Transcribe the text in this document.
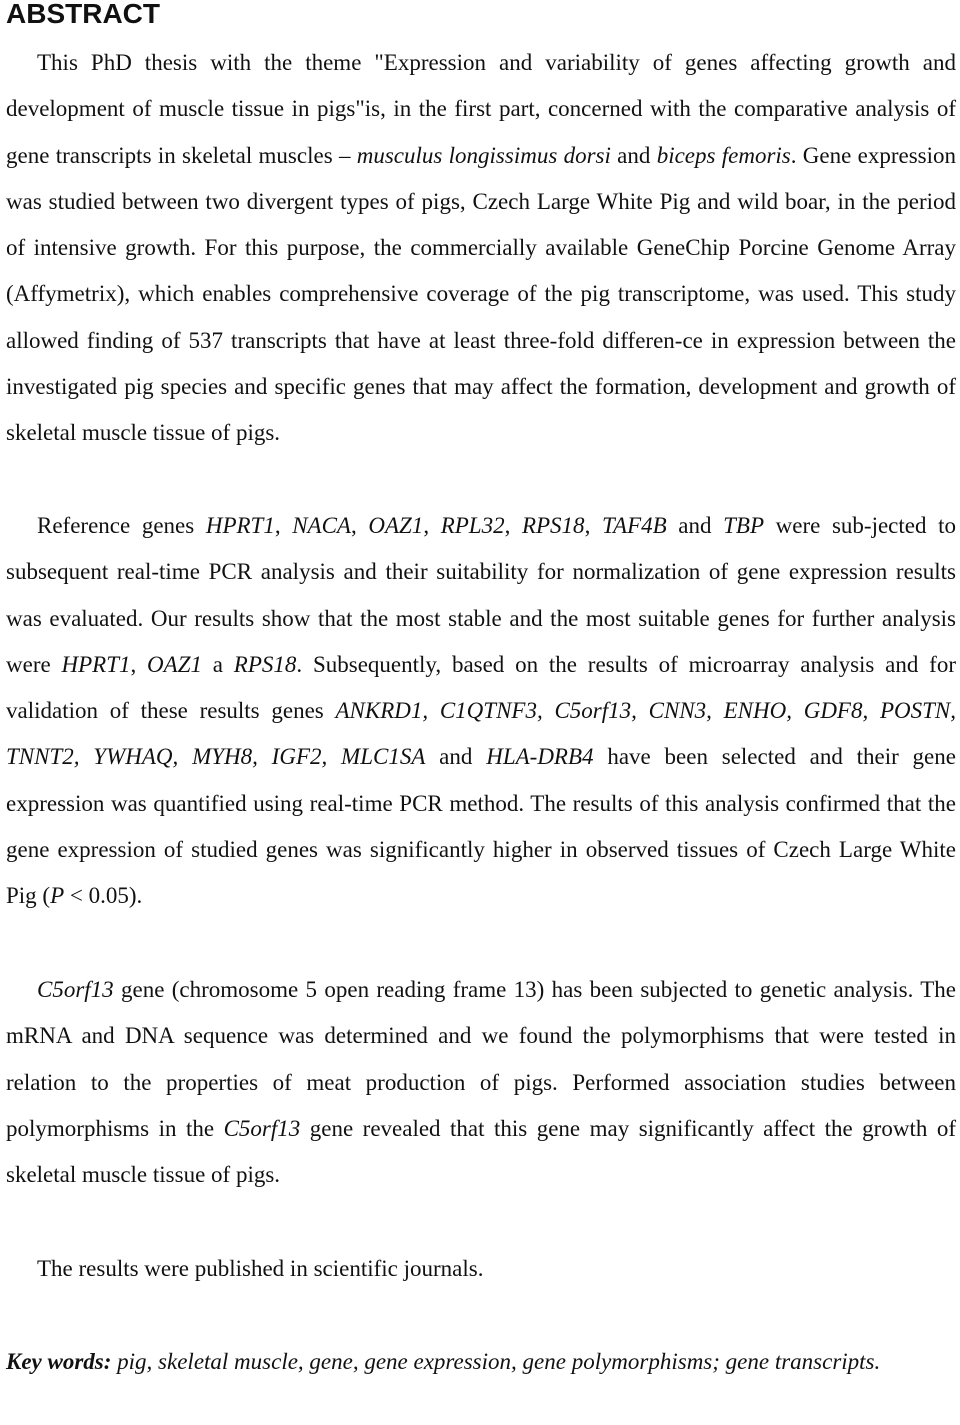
ABSTRACT

This PhD thesis with the theme "Expression and variability of genes affecting growth and development of muscle tissue in pigs"is, in the first part, concerned with the comparative analysis of gene transcripts in skeletal muscles – musculus longissimus dorsi and biceps femoris. Gene expression was studied between two divergent types of pigs, Czech Large White Pig and wild boar, in the period of intensive growth. For this purpose, the commercially available GeneChip Porcine Genome Array (Affymetrix), which enables comprehensive coverage of the pig transcriptome, was used. This study allowed finding of 537 transcripts that have at least three-fold differen-ce in expression between the investigated pig species and specific genes that may affect the formation, development and growth of skeletal muscle tissue of pigs.

Reference genes HPRT1, NACA, OAZ1, RPL32, RPS18, TAF4B and TBP were sub-jected to subsequent real-time PCR analysis and their suitability for normalization of gene expression results was evaluated. Our results show that the most stable and the most suitable genes for further analysis were HPRT1, OAZ1 a RPS18. Subsequently, based on the results of microarray analysis and for validation of these results genes ANKRD1, C1QTNF3, C5orf13, CNN3, ENHO, GDF8, POSTN, TNNT2, YWHAQ, MYH8, IGF2, MLC1SA and HLA-DRB4 have been selected and their gene expression was quantified using real-time PCR method. The results of this analysis confirmed that the gene expression of studied genes was significantly higher in observed tissues of Czech Large White Pig (P < 0.05).

C5orf13 gene (chromosome 5 open reading frame 13) has been subjected to genetic analysis. The mRNA and DNA sequence was determined and we found the polymorphisms that were tested in relation to the properties of meat production of pigs. Performed association studies between polymorphisms in the C5orf13 gene revealed that this gene may significantly affect the growth of skeletal muscle tissue of pigs.

The results were published in scientific journals.

Key words: pig, skeletal muscle, gene, gene expression, gene polymorphisms; gene transcripts.
